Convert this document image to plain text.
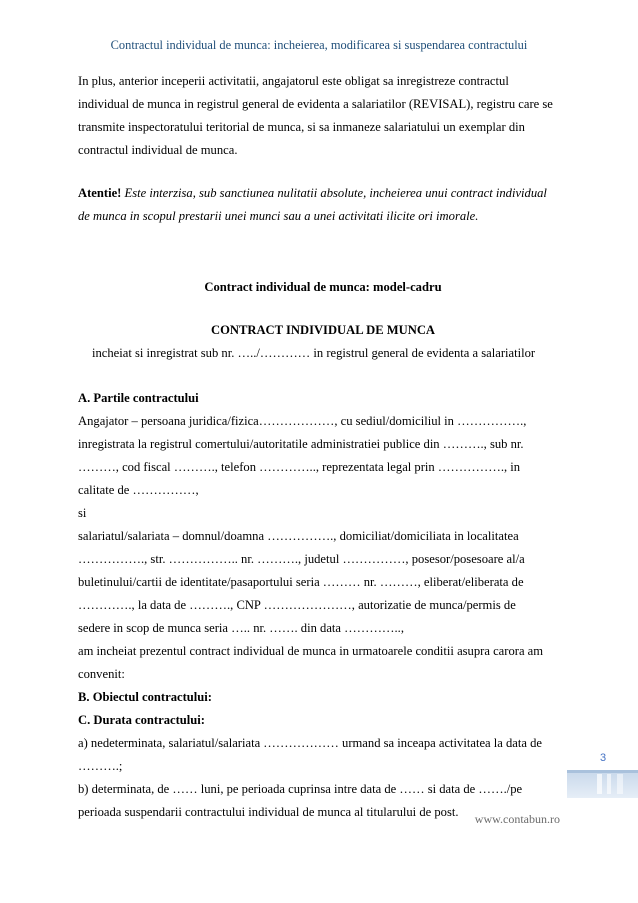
Contractul individual de munca: incheierea, modificarea si suspendarea contractului

In plus, anterior inceperii activitatii, angajatorul este obligat sa inregistreze contractul

individual de munca in registrul general de evidenta a salariatilor (REVISAL), registru care se

transmite inspectoratului teritorial de munca, si sa inmaneze salariatului un exemplar din

contractul individual de munca.

Atentie! Este interzisa, sub sanctiunea nulitatii absolute, incheierea unui contract individual

de munca in scopul prestarii unei munci sau a unei activitati ilicite ori imorale.

Contract individual de munca: model-cadru

CONTRACT INDIVIDUAL DE MUNCA

incheiat si inregistrat sub nr. …../………… in registrul general de evidenta a salariatilor

A. Partile contractului

Angajator – persoana juridica/fizica………………, cu sediul/domiciliul in …………….,

inregistrata la registrul comertului/autoritatile administratiei publice din ………., sub nr.

………, cod fiscal ………., telefon ………….., reprezentata legal prin ……………., in

calitate de ……………,

si

salariatul/salariata – domnul/doamna ……………., domiciliat/domiciliata in localitatea

……………., str. …………….. nr. ………., judetul ……………, posesor/posesoare al/a

buletinului/cartii de identitate/pasaportului seria ……… nr. ………, eliberat/eliberata de

…………., la data de ………., CNP …………………, autorizatie de munca/permis de

sedere in scop de munca seria ….. nr. ……. din data …………..,

am incheiat prezentul contract individual de munca in urmatoarele conditii asupra carora am

convenit:

B. Obiectul contractului:

C. Durata contractului:

a) nedeterminata, salariatul/salariata ……………… urmand sa inceapa activitatea la data de

……….;

b) determinata, de …… luni, pe perioada cuprinsa intre data de …… si data de ……./pe

perioada suspendarii contractului individual de munca al titularului de post.

3
www.contabun.ro
